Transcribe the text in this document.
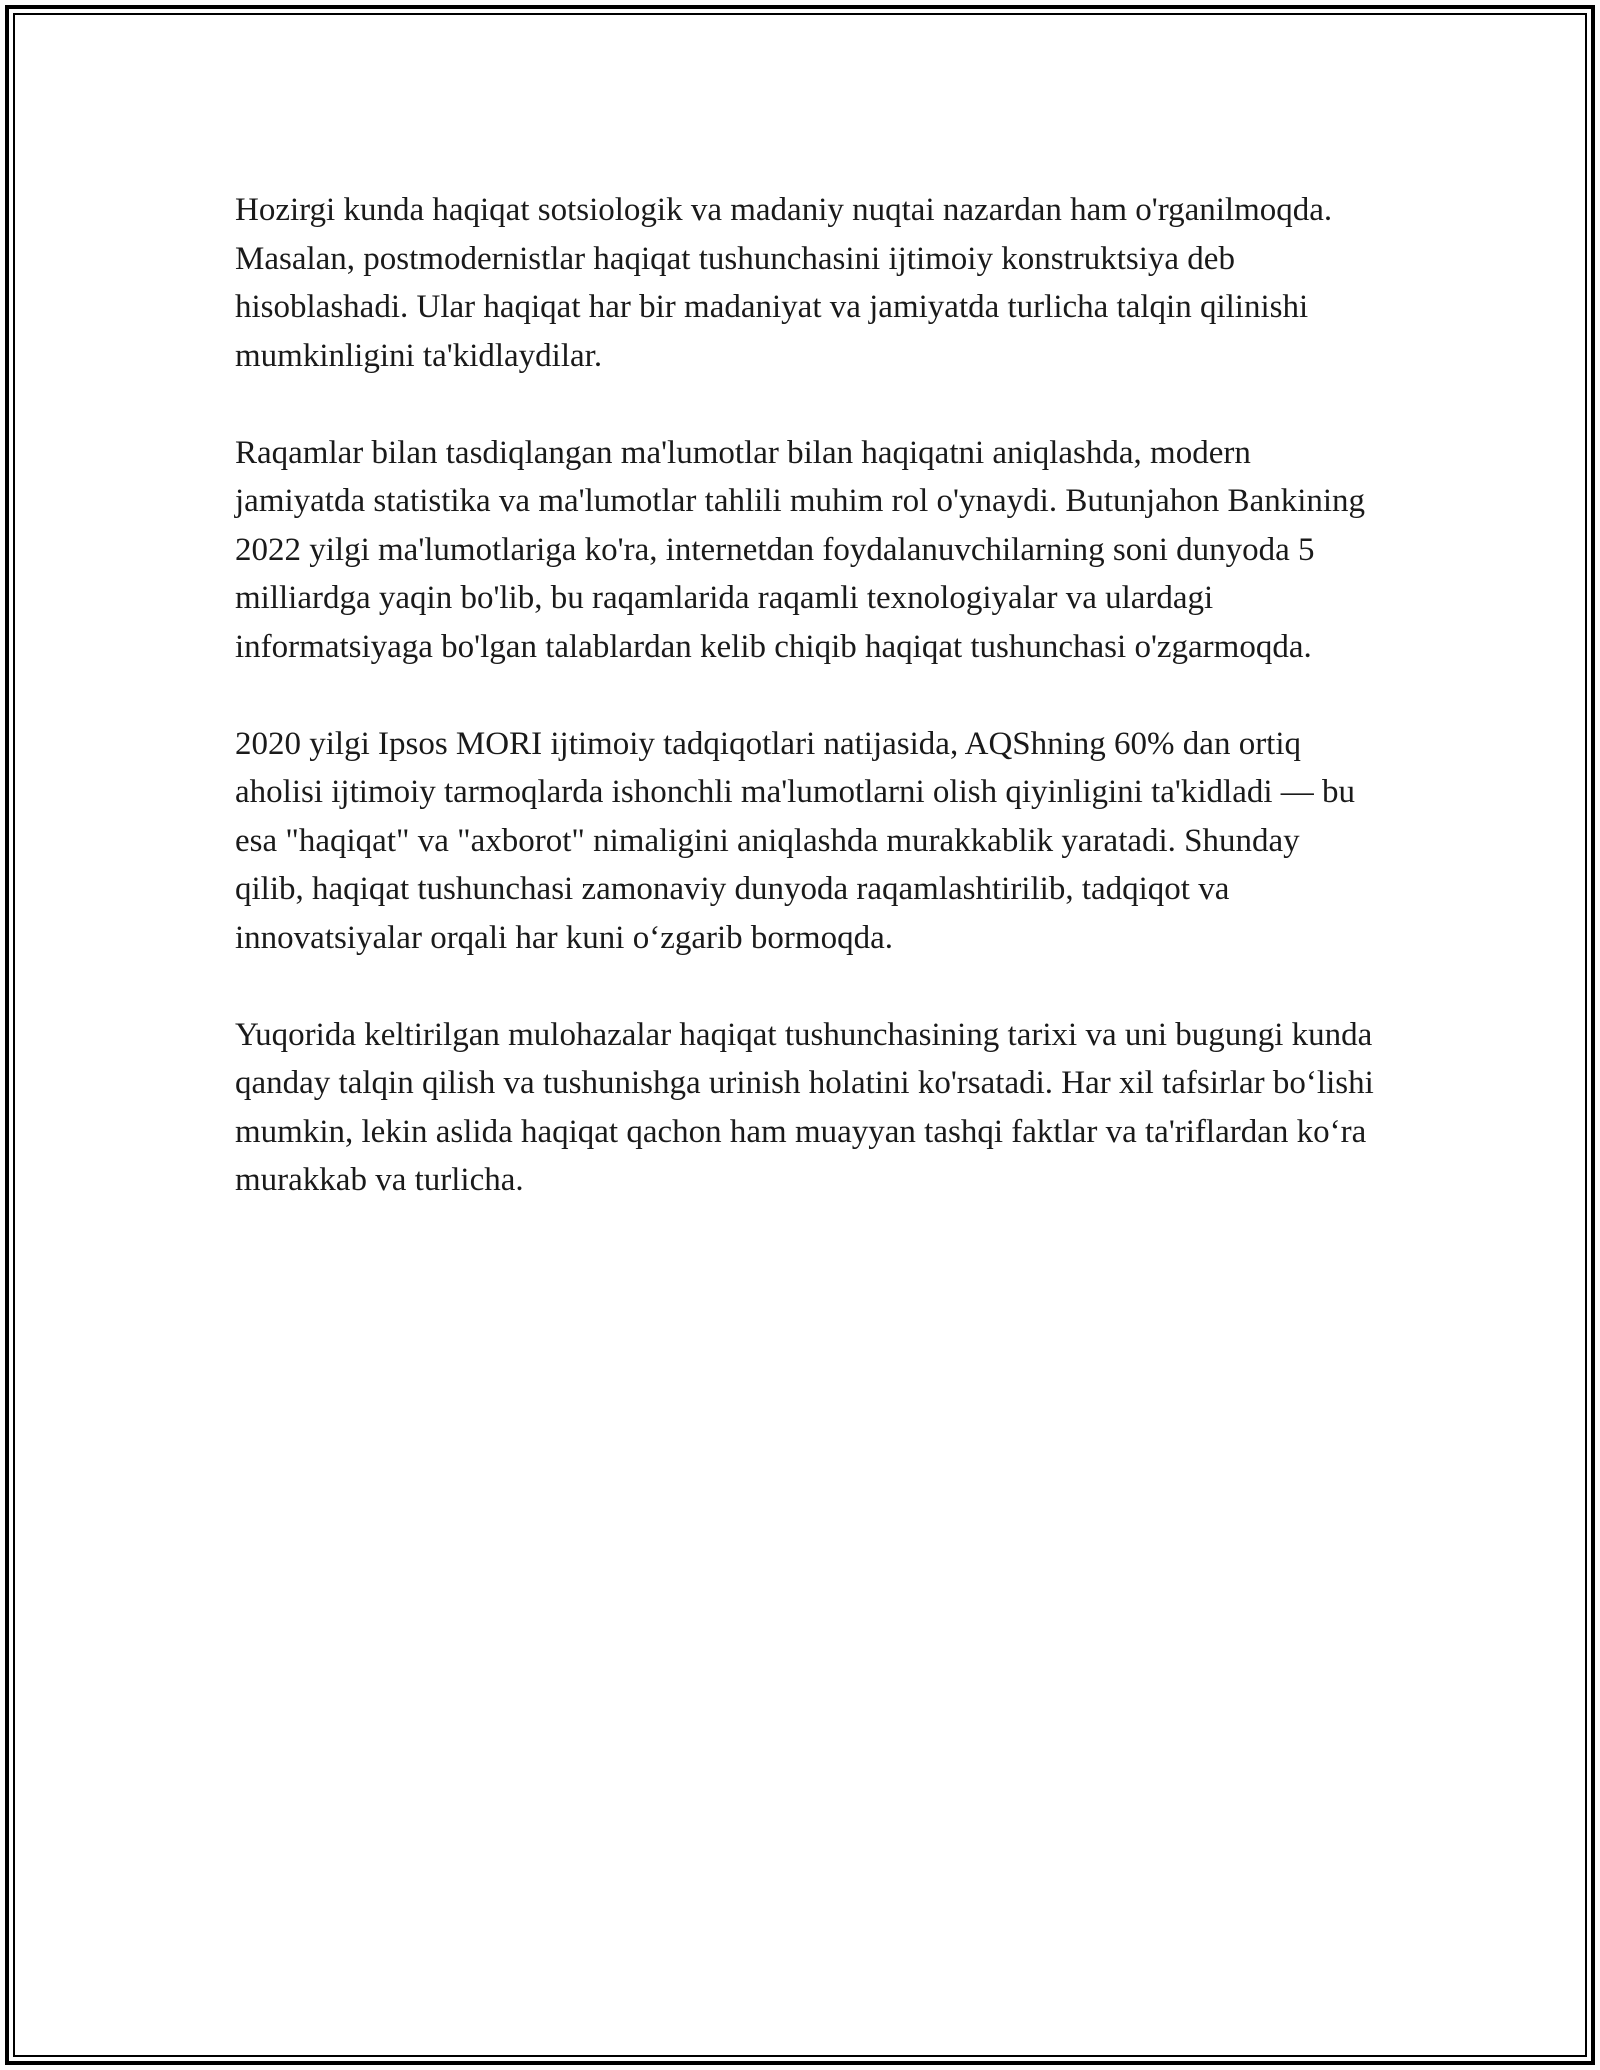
Hozirgi kunda haqiqat sotsiologik va madaniy nuqtai nazardan ham o'rganilmoqda. Masalan, postmodernistlar haqiqat tushunchasini ijtimoiy konstruktsiya deb hisoblashadi. Ular haqiqat har bir madaniyat va jamiyatda turlicha talqin qilinishi mumkinligini ta'kidlaydilar.

Raqamlar bilan tasdiqlangan ma'lumotlar bilan haqiqatni aniqlashda, modern jamiyatda statistika va ma'lumotlar tahlili muhim rol o'ynaydi. Butunjahon Bankining 2022 yilgi ma'lumotlariga ko'ra, internetdan foydalanuvchilarning soni dunyoda 5 milliardga yaqin bo'lib, bu raqamlarida raqamli texnologiyalar va ulardagi informatsiyaga bo'lgan talablardan kelib chiqib haqiqat tushunchasi o'zgarmoqda.

2020 yilgi Ipsos MORI ijtimoiy tadqiqotlari natijasida, AQShning 60% dan ortiq aholisi ijtimoiy tarmoqlarda ishonchli ma'lumotlarni olish qiyinligini ta'kidladi — bu esa "haqiqat" va "axborot" nimaligini aniqlashda murakkablik yaratadi. Shunday qilib, haqiqat tushunchasi zamonaviy dunyoda raqamlashtirilib, tadqiqot va innovatsiyalar orqali har kuni oʻzgarib bormoqda.

Yuqorida keltirilgan mulohazalar haqiqat tushunchasining tarixi va uni bugungi kunda qanday talqin qilish va tushunishga urinish holatini ko'rsatadi. Har xil tafsirlar boʻlishi mumkin, lekin aslida haqiqat qachon ham muayyan tashqi faktlar va ta'riflardan koʻra murakkab va turlicha.
